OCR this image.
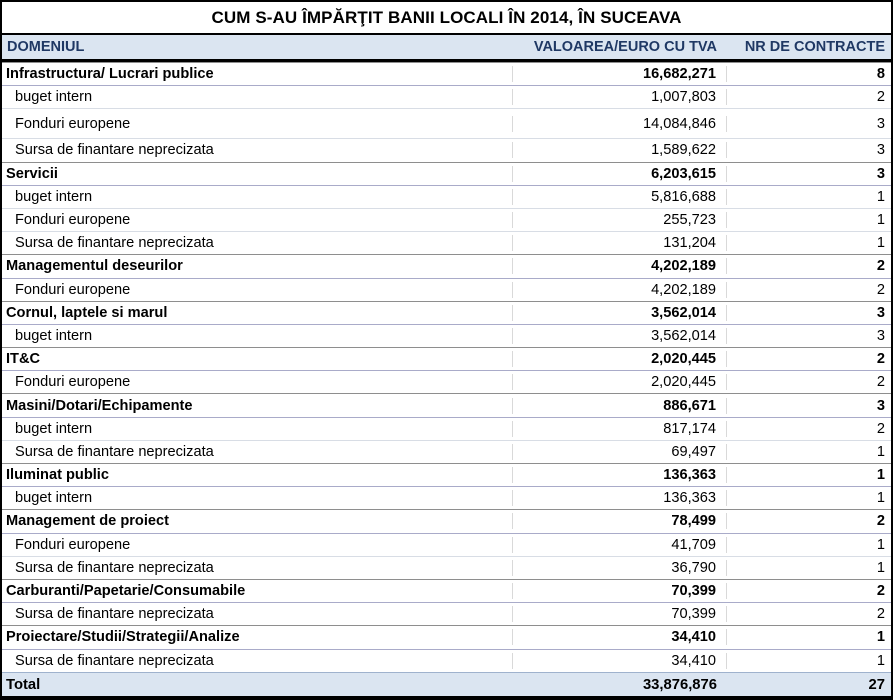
CUM S-AU ÎMPĂRŢIT BANII LOCALI ÎN 2014, ÎN SUCEAVA
DOMENIUL	VALOAREA/EURO CU TVA	NR DE CONTRACTE
Infrastructura/ Lucrari publice	16,682,271	8
buget intern	1,007,803	2
Fonduri europene	14,084,846	3
Sursa de finantare neprecizata	1,589,622	3
Servicii	6,203,615	3
buget intern	5,816,688	1
Fonduri europene	255,723	1
Sursa de finantare neprecizata	131,204	1
Managementul deseurilor	4,202,189	2
Fonduri europene	4,202,189	2
Cornul, laptele si marul	3,562,014	3
buget intern	3,562,014	3
IT&C	2,020,445	2
Fonduri europene	2,020,445	2
Masini/Dotari/Echipamente	886,671	3
buget intern	817,174	2
Sursa de finantare neprecizata	69,497	1
Iluminat public	136,363	1
buget intern	136,363	1
Management de proiect	78,499	2
Fonduri europene	41,709	1
Sursa de finantare neprecizata	36,790	1
Carburanti/Papetarie/Consumabile	70,399	2
Sursa de finantare neprecizata	70,399	2
Proiectare/Studii/Strategii/Analize	34,410	1
Sursa de finantare neprecizata	34,410	1
Total	33,876,876	27
